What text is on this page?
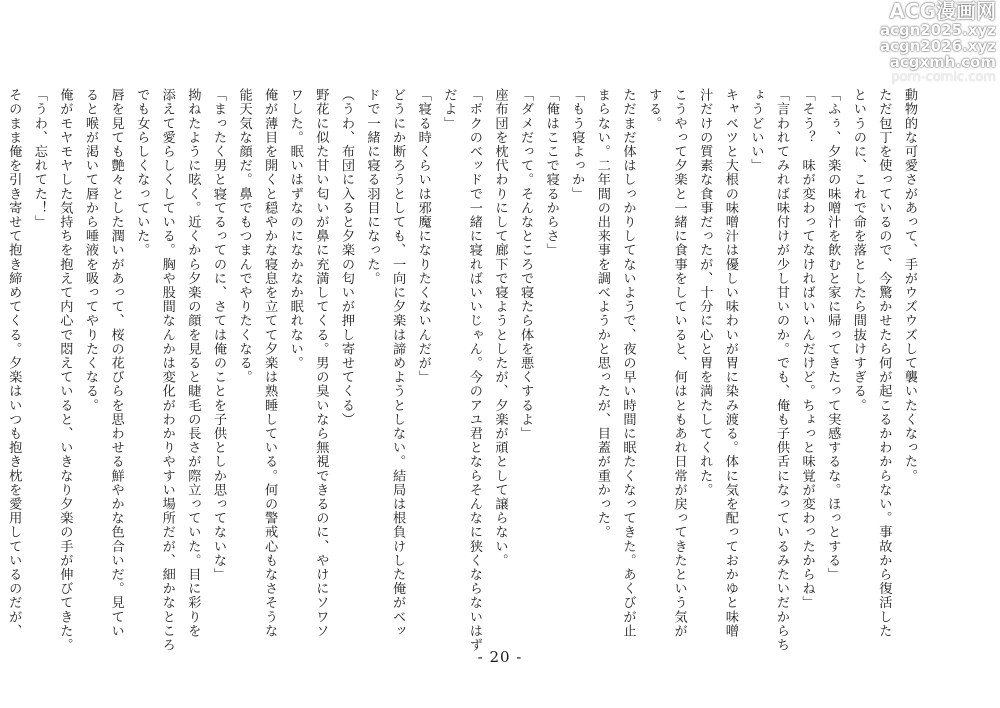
ACG漫画网
acgn2025.xyz
acgn2026.xyz
acgxmh.com
porn-comic.com
動物的な可愛さがあって、手がウズウズして襲いたくなった。
ただ包丁を使っているので、今驚かせたら何が起こるかわからない。事故から復活した
というのに、これで命を落としたら間抜けすぎる。
「ふぅ、夕楽の味噌汁を飲むと家に帰ってきたって実感するな。ほっとする」
「そう？　味が変わってなければいいんだけど。ちょっと味覚が変わったからね」
「言われてみれば味付けが少し甘いのか。でも、俺も子供舌になっているみたいだからち
ょうどいい」
キャベツと大根の味噌汁は優しい味わいが胃に染み渡る。体に気を配っておかゆと味噌
汁だけの質素な食事だったが、十分に心と胃を満たしてくれた。
こうやって夕楽と一緒に食事をしていると、何はともあれ日常が戻ってきたという気が
する。
ただまだ体はしっかりしてないようで、夜の早い時間に眠たくなってきた。あくびが止
まらない。二年間の出来事を調べようかと思ったが、目蓋が重かった。
「もう寝よっか」
「俺はここで寝るからさ」
「ダメだって。そんなところで寝たら体を悪くするよ」
座布団を枕代わりにして廊下で寝ようとしたが、夕楽が頑として譲らない。
「ボクのベッドで一緒に寝ればいいじゃん。今のアユ君とならそんなに狭くならないはず
だよ」
「寝る時くらいは邪魔になりたくないんだが」
どうにか断ろうとしても、一向に夕楽は諦めようとしない。結局は根負けした俺がベッ
ドで一緒に寝る羽目になった。
（うわ、布団に入ると夕楽の匂いが押し寄せてくる）
野花に似た甘い匂いが鼻に充満してくる。男の臭いなら無視できるのに、やけにソワソ
ワした。眠いはずなのになかなか眠れない。
俺が薄目を開くと穏やかな寝息を立てて夕楽は熟睡している。何の警戒心もなさそうな
能天気な顔だ。鼻でもつまんでやりたくなる。
「まったく男と寝てるってのに、さては俺のことを子供としか思ってないな」
拗ねたように呟く。近くから夕楽の顔を見ると睫毛の長さが際立っていた。目に彩りを
添えて愛らしくしている。胸や股間なんかは変化がわかりやすい場所だが、細かなところ
でも女らしくなっていた。
唇を見ても艶々とした潤いがあって、桜の花びらを思わせる鮮やかな色合いだ。見てい
ると喉が渇いて唇から唾液を吸ってやりたくなる。
俺がモヤモヤした気持ちを抱えて内心で悶えていると、いきなり夕楽の手が伸びてきた。
「うわ、忘れてた！」
そのまま俺を引き寄せて抱き締めてくる。夕楽はいつも抱き枕を愛用しているのだが、
- 20 -
